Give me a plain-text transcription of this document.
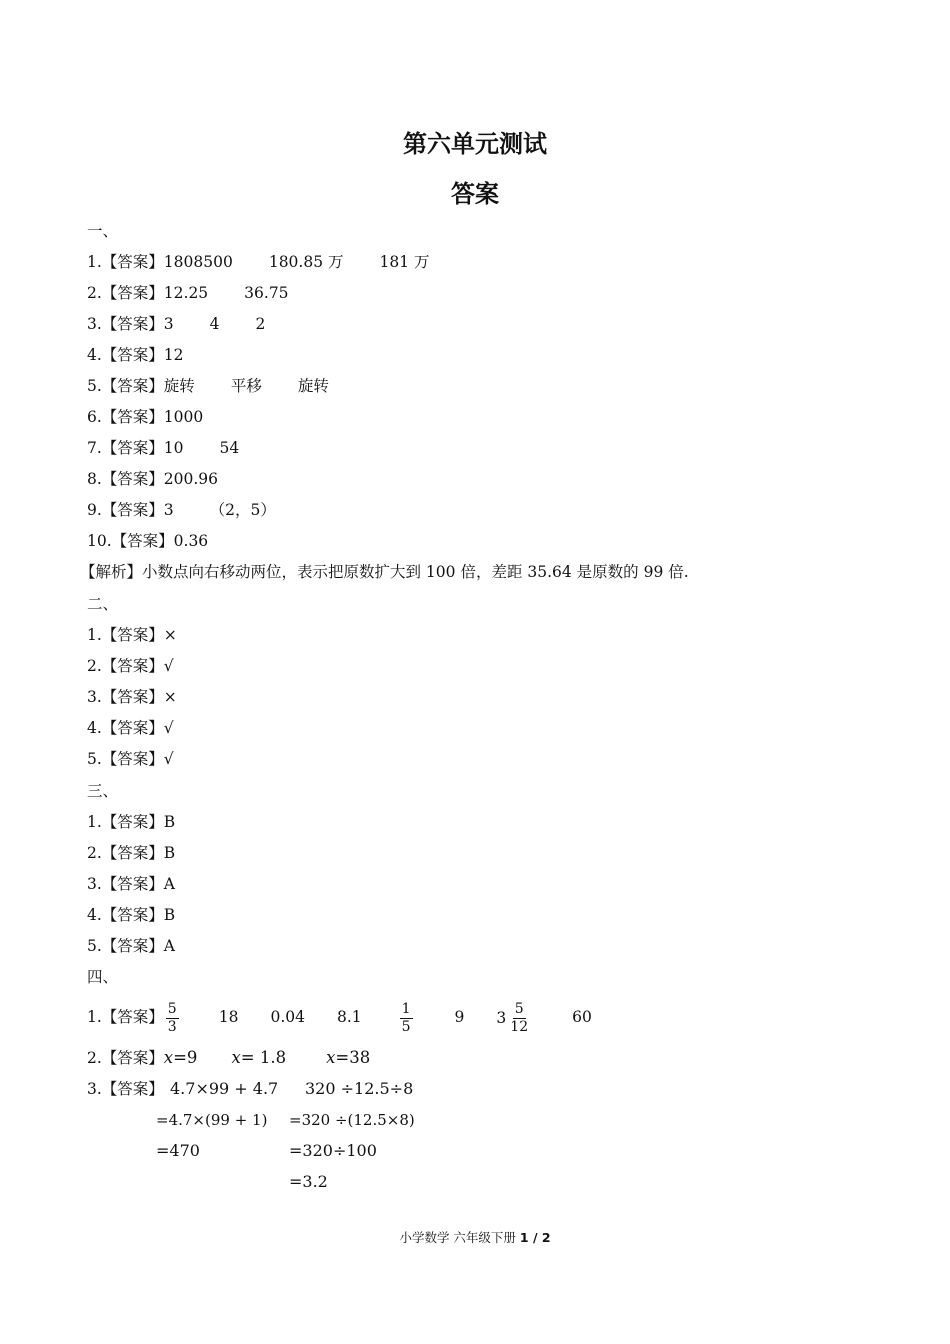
第六单元测试
答案
一、
1.【答案】1808500 180.85 万 181 万
2.【答案】12.25 36.75
3.【答案】3 4 2
4.【答案】12
5.【答案】旋转 平移 旋转
6.【答案】1000
7.【答案】10 54
8.【答案】200.96
9.【答案】3 （2，5）
10.【答案】0.36
【解析】小数点向右移动两位，表示把原数扩大到 100 倍，差距 35.64 是原数的 99 倍.
二、
1.【答案】×
2.【答案】√
3.【答案】×
4.【答案】√
5.【答案】√
三、
1.【答案】B
2.【答案】B
3.【答案】A
4.【答案】B
5.【答案】A
四、
1.【答案】 $\frac{5}{3}$	18 0.04 8.1	$\frac{1}{5}$	9 $3 \frac{5}{12}$	60
2.【答案】x=9 x= 1.8 x=38
3.【答案】 4.7×99 + 4.7
=4.7×(99 + 1)
=470
320 ÷12.5÷8
=320 ÷(12.5×8)
=320÷100
=3.2
小学数学 六年级下册 1 / 2
